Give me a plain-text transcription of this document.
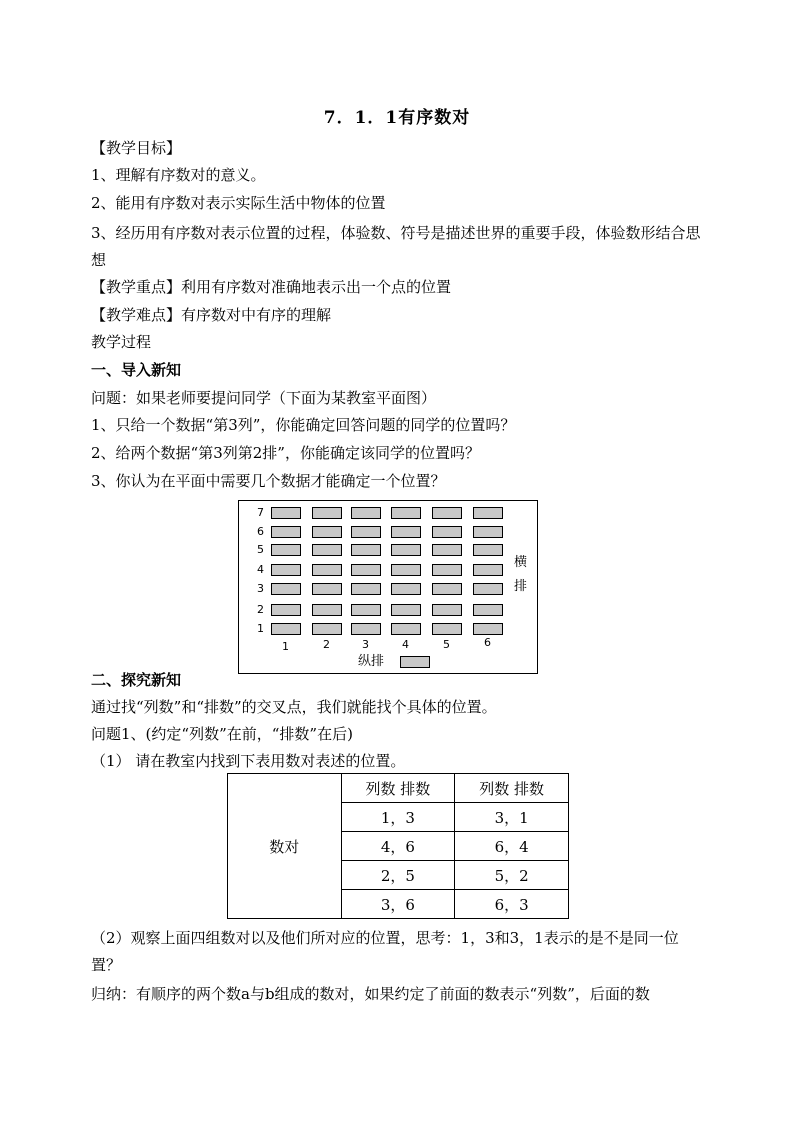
7．1．1有序数对
【教学目标】
1、理解有序数对的意义。
2、能用有序数对表示实际生活中物体的位置
3、经历用有序数对表示位置的过程，体验数、符号是描述世界的重要手段，体验数形结合思想
【教学重点】利用有序数对准确地表示出一个点的位置
【教学难点】有序数对中有序的理解
教学过程
一、导入新知
问题：如果老师要提问同学（下面为某教室平面图）
1、只给一个数据“第3列”，你能确定回答问题的同学的位置吗？
2、给两个数据“第3列第2排”，你能确定该同学的位置吗？
3、你认为在平面中需要几个数据才能确定一个位置？
横
排
纵排
7
6
5
4
3
2
1
1	2	3	4	5	6
二、探究新知
通过找“列数”和“排数”的交叉点，我们就能找个具体的位置。
问题1、(约定“列数”在前，“排数”在后)
（1） 请在教室内找到下表用数对表述的位置。
数对	列数 排数	列数 排数
	1，3	3，1
	4，6	6，4
	2，5	5，2
	3，6	6，3
（2）观察上面四组数对以及他们所对应的位置，思考：1，3和3，1表示的是不是同一位置？
归纳：有顺序的两个数a与b组成的数对，如果约定了前面的数表示“列数”，后面的数
